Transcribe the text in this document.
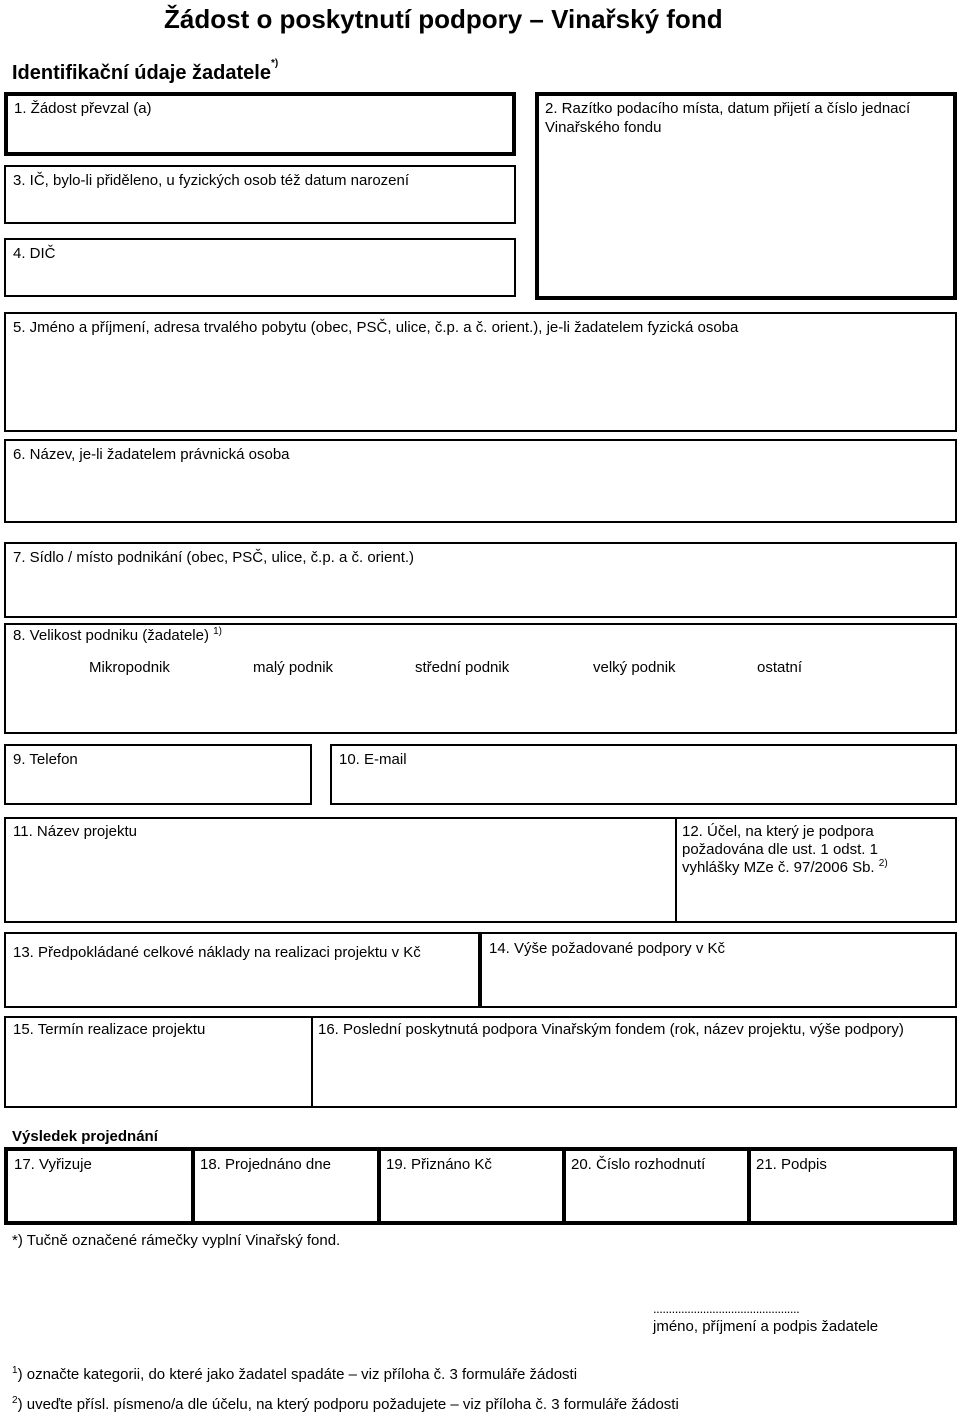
Žádost o poskytnutí podpory – Vinařský fond
Identifikační údaje žadatele*)
1. Žádost převzal (a)	2. Razítko podacího místa, datum přijetí a číslo jednací
Vinařského fondu
3. IČ, bylo-li přiděleno, u fyzických osob též datum narození
4. DIČ
5. Jméno a příjmení, adresa trvalého pobytu (obec, PSČ, ulice, č.p. a č. orient.), je-li žadatelem fyzická osoba
6. Název, je-li žadatelem právnická osoba
7. Sídlo / místo podnikání (obec, PSČ, ulice, č.p. a č. orient.)
8. Velikost podniku (žadatele) $^{1)}$
Mikropodnik	malý podnik	střední podnik	velký podnik	ostatní
9. Telefon	10. E-mail
11. Název projektu	12. Účel, na který je podpora
požadována dle ust. 1 odst. 1
vyhlášky MZe č. 97/2006 Sb. $^{2)}$
13. Předpokládané celkové náklady na realizaci projektu v Kč	14. Výše požadované podpory v Kč
15. Termín realizace projektu	16. Poslední poskytnutá podpora Vinařským fondem (rok, název projektu, výše podpory)
Výsledek projednání
17. Vyřizuje	18. Projednáno dne	19. Přiznáno Kč	20. Číslo rozhodnutí	21. Podpis
*) Tučně označené rámečky vyplní Vinařský fond.
...............................................
jméno, příjmení a podpis žadatele
$^1$) označte kategorii, do které jako žadatel spadáte – viz příloha č. 3 formuláře žádosti
$^2$) uveďte přísl. písmeno/a dle účelu, na který podporu požadujete – viz příloha č. 3 formuláře žádosti
